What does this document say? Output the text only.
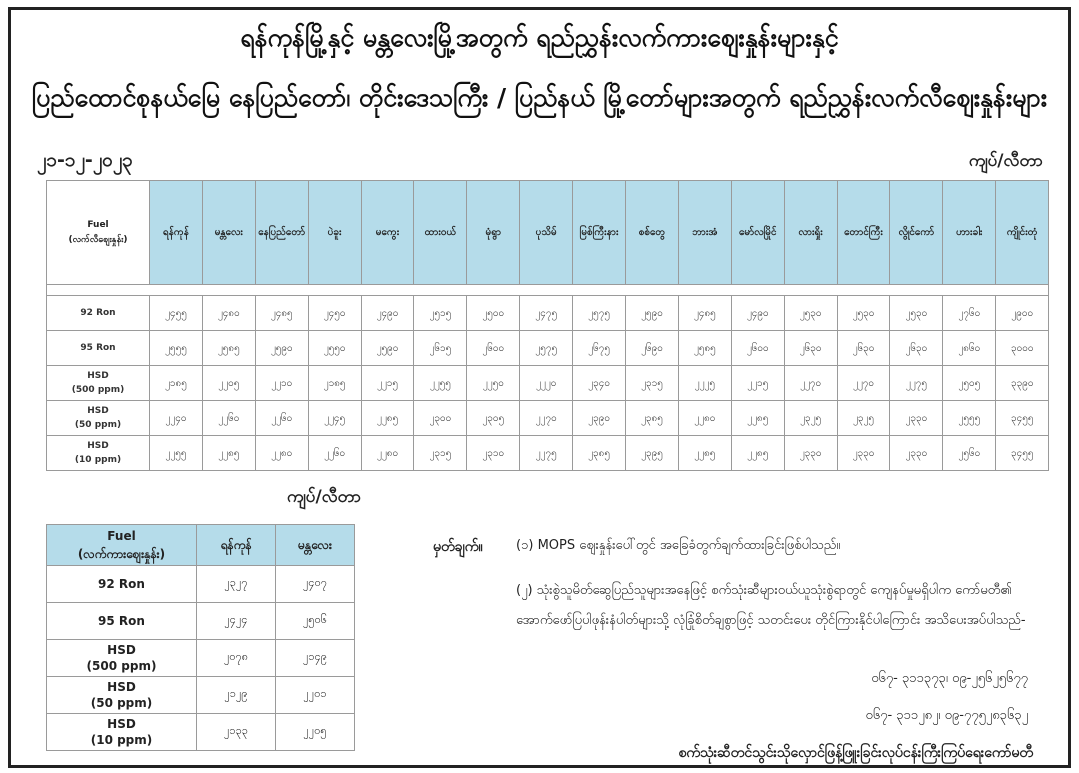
ရန်ကုန်မြို့နှင့် မန္တလေးမြို့အတွက် ရည်ညွှန်းလက်ကားဈေးနှုန်းများနှင့်
ပြည်ထောင်စုနယ်မြေ နေပြည်တော်၊ တိုင်းဒေသကြီး / ပြည်နယ် မြို့တော်များအတွက် ရည်ညွှန်းလက်လီဈေးနှုန်းများ
၂၁-၁၂-၂၀၂၃	ကျပ်/လီတာ
Fuel
(လက်လီဈေးနှုန်း)	ရန်ကုန်	မန္တလေး	နေပြည်တော်	ပဲခူး	မကွေး	ထားဝယ်	မုံရွာ	ပုသိမ်	မြစ်ကြီးနား	စစ်တွေ	ဘားအံ	မော်လမြိုင်	လားရှိုး	တောင်ကြီး	လွိုင်ကော်	ဟားခါး	ကျိုင်းတုံ

92 Ron	၂၄၅၅	၂၄၈၀	၂၄၈၅	၂၄၅၀	၂၄၉၀	၂၅၁၅	၂၅၀၀	၂၄၇၅	၂၅၇၅	၂၅၉၀	၂၄၈၅	၂၄၉၀	၂၅၃၀	၂၅၃၀	၂၅၃၀	၂၇၆၀	၂၉၀၀
95 Ron	၂၅၅၅	၂၅၈၅	၂၅၉၀	၂၅၅၀	၂၅၉၀	၂၆၁၅	၂၆၀၀	၂၅၇၅	၂၆၇၅	၂၆၉၀	၂၅၈၅	၂၆၀၀	၂၆၃၀	၂၆၃၀	၂၆၃၀	၂၈၆၀	၃၀၀၀
HSD
(500 ppm)	၂၁၈၅	၂၂၀၅	၂၂၁၀	၂၁၈၅	၂၂၁၅	၂၂၅၅	၂၂၅၀	၂၂၂၀	၂၃၄၀	၂၃၁၅	၂၂၂၅	၂၂၁၅	၂၂၇၀	၂၂၇၀	၂၂၇၅	၂၅၀၅	၃၃၉၀
HSD
(50 ppm)	၂၂၄၀	၂၂၆၀	၂၂၆၀	၂၂၄၅	၂၂၈၅	၂၃၀၀	၂၃၀၅	၂၂၇၀	၂၃၉၀	၂၃၈၅	၂၂၈၀	၂၂၈၅	၂၃၂၅	၂၃၂၅	၂၃၃၀	၂၅၅၅	၃၄၅၅
HSD
(10 ppm)	၂၂၅၅	၂၂၈၅	၂၂၈၀	၂၂၆၀	၂၂၈၀	၂၃၁၅	၂၃၁၀	၂၂၇၅	၂၃၈၅	၂၃၉၅	၂၂၈၅	၂၂၈၅	၂၃၃၀	၂၃၃၀	၂၃၃၀	၂၅၆၀	၃၄၅၅
ကျပ်/လီတာ
Fuel
(လက်ကားဈေးနှုန်း)	ရန်ကုန်	မန္တလေး
92 Ron	၂၃၂၇	၂၄၀၇
95 Ron	၂၄၂၄	၂၅၀၆
HSD
(500 ppm)	၂၀၇၈	၂၁၄၉
HSD
(50 ppm)	၂၁၂၉	၂၂၀၁
HSD
(10 ppm)	၂၁၃၃	၂၂၀၅
မှတ်ချက်။	(၁) MOPS ဈေးနှုန်းပေါ်တွင် အခြေခံတွက်ချက်ထားခြင်းဖြစ်ပါသည်။
(၂) သုံးစွဲသူမိတ်ဆွေပြည်သူများအနေဖြင့် စက်သုံးဆီများဝယ်ယူသုံးစွဲရာတွင် ကျေနပ်မှုမရှိပါက ကော်မတီ၏ အောက်ဖော်ပြပါဖုန်းနံပါတ်များသို့ လုံခြုံစိတ်ချစွာဖြင့် သတင်းပေး တိုင်ကြားနိုင်ပါကြောင်း အသိပေးအပ်ပါသည်-
၀၆၇- ၃၁၁၃၇၃၊ ၀၉-၂၅၆၂၅၆၇၇
၀၆၇- ၃၁၁၂၈၂၊ ၀၉-၇၇၅၂၈၃၆၃၂
စက်သုံးဆီတင်သွင်းသိုလှောင်ဖြန့်ဖြူးခြင်းလုပ်ငန်းကြီးကြပ်ရေးကော်မတီ
